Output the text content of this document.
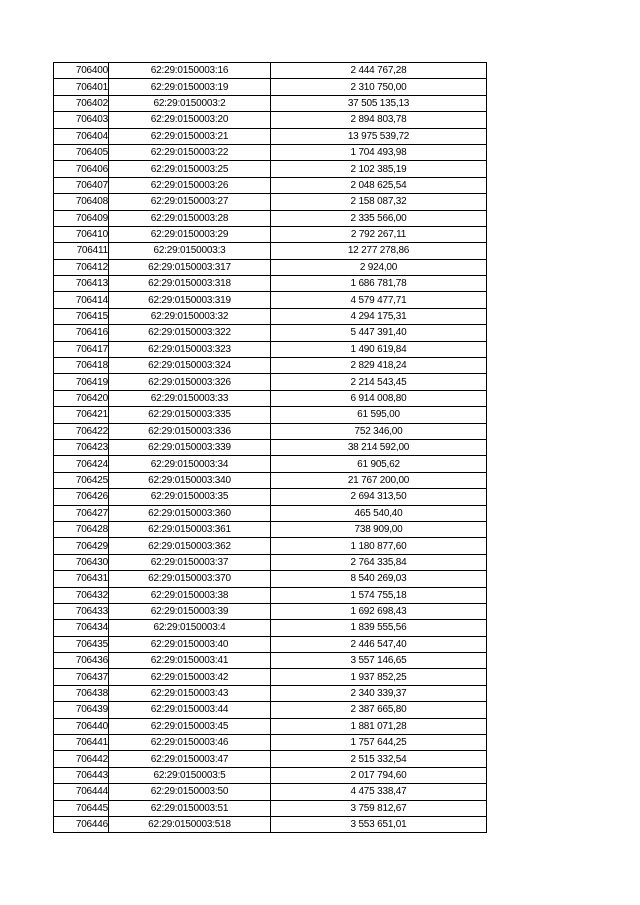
706400	62:29:0150003:16	2 444 767,28
706401	62:29:0150003:19	2 310 750,00
706402	62:29:0150003:2	37 505 135,13
706403	62:29:0150003:20	2 894 803,78
706404	62:29:0150003:21	13 975 539,72
706405	62:29:0150003:22	1 704 493,98
706406	62:29:0150003:25	2 102 385,19
706407	62:29:0150003:26	2 048 625,54
706408	62:29:0150003:27	2 158 087,32
706409	62:29:0150003:28	2 335 566,00
706410	62:29:0150003:29	2 792 267,11
706411	62:29:0150003:3	12 277 278,86
706412	62:29:0150003:317	2 924,00
706413	62:29:0150003:318	1 686 781,78
706414	62:29:0150003:319	4 579 477,71
706415	62:29:0150003:32	4 294 175,31
706416	62:29:0150003:322	5 447 391,40
706417	62:29:0150003:323	1 490 619,84
706418	62:29:0150003:324	2 829 418,24
706419	62:29:0150003:326	2 214 543,45
706420	62:29:0150003:33	6 914 008,80
706421	62:29:0150003:335	61 595,00
706422	62:29:0150003:336	752 346,00
706423	62:29:0150003:339	38 214 592,00
706424	62:29:0150003:34	61 905,62
706425	62:29:0150003:340	21 767 200,00
706426	62:29:0150003:35	2 694 313,50
706427	62:29:0150003:360	465 540,40
706428	62:29:0150003:361	738 909,00
706429	62:29:0150003:362	1 180 877,60
706430	62:29:0150003:37	2 764 335,84
706431	62:29:0150003:370	8 540 269,03
706432	62:29:0150003:38	1 574 755,18
706433	62:29:0150003:39	1 692 698,43
706434	62:29:0150003:4	1 839 555,56
706435	62:29:0150003:40	2 446 547,40
706436	62:29:0150003:41	3 557 146,65
706437	62:29:0150003:42	1 937 852,25
706438	62:29:0150003:43	2 340 339,37
706439	62:29:0150003:44	2 387 665,80
706440	62:29:0150003:45	1 881 071,28
706441	62:29:0150003:46	1 757 644,25
706442	62:29:0150003:47	2 515 332,54
706443	62:29:0150003:5	2 017 794,60
706444	62:29:0150003:50	4 475 338,47
706445	62:29:0150003:51	3 759 812,67
706446	62:29:0150003:518	3 553 651,01
